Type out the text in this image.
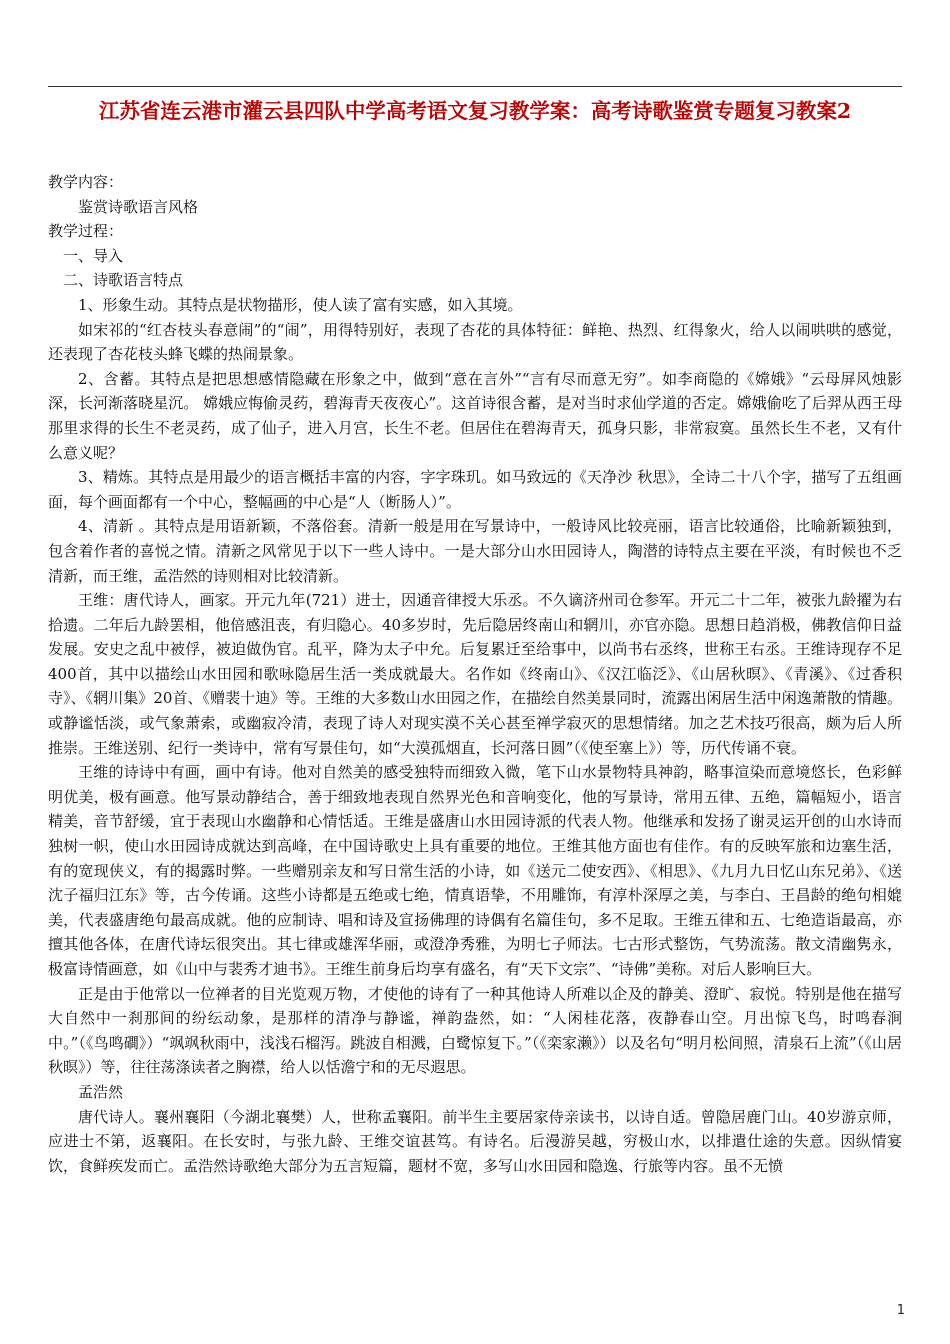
江苏省连云港市灌云县四队中学高考语文复习教学案：高考诗歌鉴赏专题复习教案2

教学内容：

鉴赏诗歌语言风格

教学过程：

一、导入

二、诗歌语言特点

1、形象生动。其特点是状物描形，使人读了富有实感，如入其境。

如宋祁的“红杏枝头春意闹”的“闹”，用得特别好，表现了杏花的具体特征：鲜艳、热烈、红得象火，给人以闹哄哄的感觉，还表现了杏花枝头蜂飞蝶的热闹景象。

2、含蓄。其特点是把思想感情隐藏在形象之中，做到“意在言外”“言有尽而意无穷”。如李商隐的《嫦娥》“云母屏风烛影深，长河渐落晓星沉。 嫦娥应悔偷灵药，碧海青天夜夜心”。这首诗很含蓄，是对当时求仙学道的否定。嫦娥偷吃了后羿从西王母那里求得的长生不老灵药，成了仙子，进入月宫，长生不老。但居住在碧海青天，孤身只影，非常寂寞。虽然长生不老，又有什么意义呢？

3、精炼。其特点是用最少的语言概括丰富的内容，字字珠玑。如马致远的《天净沙 秋思》，全诗二十八个字，描写了五组画面，每个画面都有一个中心，整幅画的中心是“人（断肠人）”。

4、清新 。其特点是用语新颖，不落俗套。清新一般是用在写景诗中，一般诗风比较亮丽，语言比较通俗，比喻新颖独到，包含着作者的喜悦之情。清新之风常见于以下一些人诗中。一是大部分山水田园诗人，陶潜的诗特点主要在平淡，有时候也不乏清新，而王维，孟浩然的诗则相对比较清新。

王维：唐代诗人，画家。开元九年(721）进士，因通音律授大乐丞。不久谪济州司仓参军。开元二十二年，被张九龄擢为右拾遗。二年后九龄罢相，他倍感沮丧，有归隐心。40多岁时，先后隐居终南山和辋川，亦官亦隐。思想日趋消极，佛教信仰日益发展。安史之乱中被俘，被迫做伪官。乱平，降为太子中允。后复累迁至给事中，以尚书右丞终，世称王右丞。王维诗现存不足400首，其中以描绘山水田园和歌咏隐居生活一类成就最大。名作如《终南山》、《汉江临泛》、《山居秋暝》、《青溪》、《过香积寺》、《辋川集》20首、《赠裴十迪》等。王维的大多数山水田园之作，在描绘自然美景同时，流露出闲居生活中闲逸萧散的情趣。或静谧恬淡，或气象萧索，或幽寂冷清，表现了诗人对现实漠不关心甚至禅学寂灭的思想情绪。加之艺术技巧很高，颇为后人所推崇。王维送别、纪行一类诗中，常有写景佳句，如“大漠孤烟直，长河落日圆”（《使至塞上》）等，历代传诵不衰。

王维的诗诗中有画，画中有诗。他对自然美的感受独特而细致入微，笔下山水景物特具神韵，略事渲染而意境悠长，色彩鲜明优美，极有画意。他写景动静结合，善于细致地表现自然界光色和音响变化，他的写景诗，常用五律、五绝，篇幅短小，语言精美，音节舒缓，宜于表现山水幽静和心情恬适。王维是盛唐山水田园诗派的代表人物。他继承和发扬了谢灵运开创的山水诗而独树一帜，使山水田园诗成就达到高峰，在中国诗歌史上具有重要的地位。王维其他方面也有佳作。有的反映军旅和边塞生活，有的宽现侠义，有的揭露时弊。一些赠别亲友和写日常生活的小诗，如《送元二使安西》、《相思》、《九月九日忆山东兄弟》、《送沈子福归江东》等，古今传诵。这些小诗都是五绝或七绝，情真语挚，不用雕饰，有淳朴深厚之美，与李白、王昌龄的绝句相媲美，代表盛唐绝句最高成就。他的应制诗、唱和诗及宣扬佛理的诗偶有名篇佳句，多不足取。王维五律和五、七绝造诣最高，亦擅其他各体，在唐代诗坛很突出。其七律或雄浑华丽，或澄净秀雅，为明七子师法。七古形式整饬，气势流荡。散文清幽隽永，极富诗情画意，如《山中与裴秀才迪书》。王维生前身后均享有盛名，有“天下文宗”、“诗佛”美称。对后人影响巨大。

正是由于他常以一位禅者的目光览观万物，才使他的诗有了一种其他诗人所难以企及的静美、澄旷、寂悦。特别是他在描写大自然中一刹那间的纷纭动象，是那样的清净与静谧，禅韵盎然，如：“人闲桂花落，夜静春山空。月出惊飞鸟，时鸣春涧中。”（《鸟鸣磵》）“飒飒秋雨中，浅浅石榴泻。跳波自相溅，白鹭惊复下。”（《栾家濑》）以及名句“明月松间照，清泉石上流”（《山居秋暝》）等，往往荡涤读者之胸襟，给人以恬澹宁和的无尽遐思。

孟浩然

唐代诗人。襄州襄阳（今湖北襄樊）人，世称孟襄阳。前半生主要居家侍亲读书，以诗自适。曾隐居鹿门山。40岁游京师，应进士不第，返襄阳。在长安时，与张九龄、王维交谊甚笃。有诗名。后漫游吴越，穷极山水，以排遣仕途的失意。因纵情宴饮，食鲜疾发而亡。孟浩然诗歌绝大部分为五言短篇，题材不宽，多写山水田园和隐逸、行旅等内容。虽不无愤

1
